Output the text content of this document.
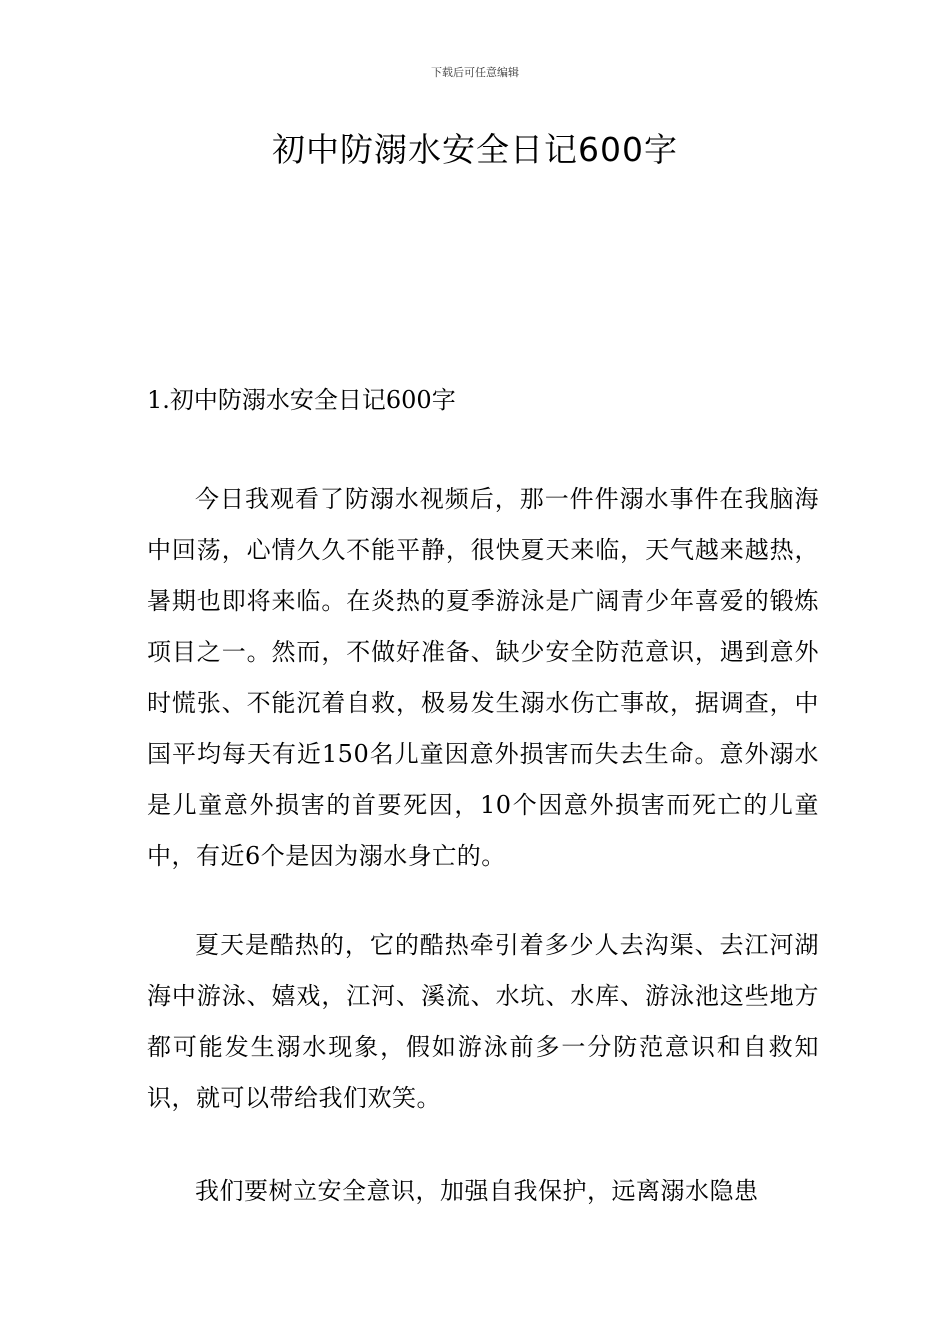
下载后可任意编辑
初中防溺水安全日记600字
1.初中防溺水安全日记600字

今日我观看了防溺水视频后，那一件件溺水事件在我脑海中回荡，心情久久不能平静，很快夏天来临，天气越来越热，暑期也即将来临。在炎热的夏季游泳是广阔青少年喜爱的锻炼项目之一。然而，不做好准备、缺少安全防范意识，遇到意外时慌张、不能沉着自救，极易发生溺水伤亡事故，据调查，中国平均每天有近150名儿童因意外损害而失去生命。意外溺水是儿童意外损害的首要死因，10个因意外损害而死亡的儿童中，有近6个是因为溺水身亡的。

夏天是酷热的，它的酷热牵引着多少人去沟渠、去江河湖海中游泳、嬉戏，江河、溪流、水坑、水库、游泳池这些地方都可能发生溺水现象，假如游泳前多一分防范意识和自救知识，就可以带给我们欢笑。

我们要树立安全意识，加强自我保护，远离溺水隐患
